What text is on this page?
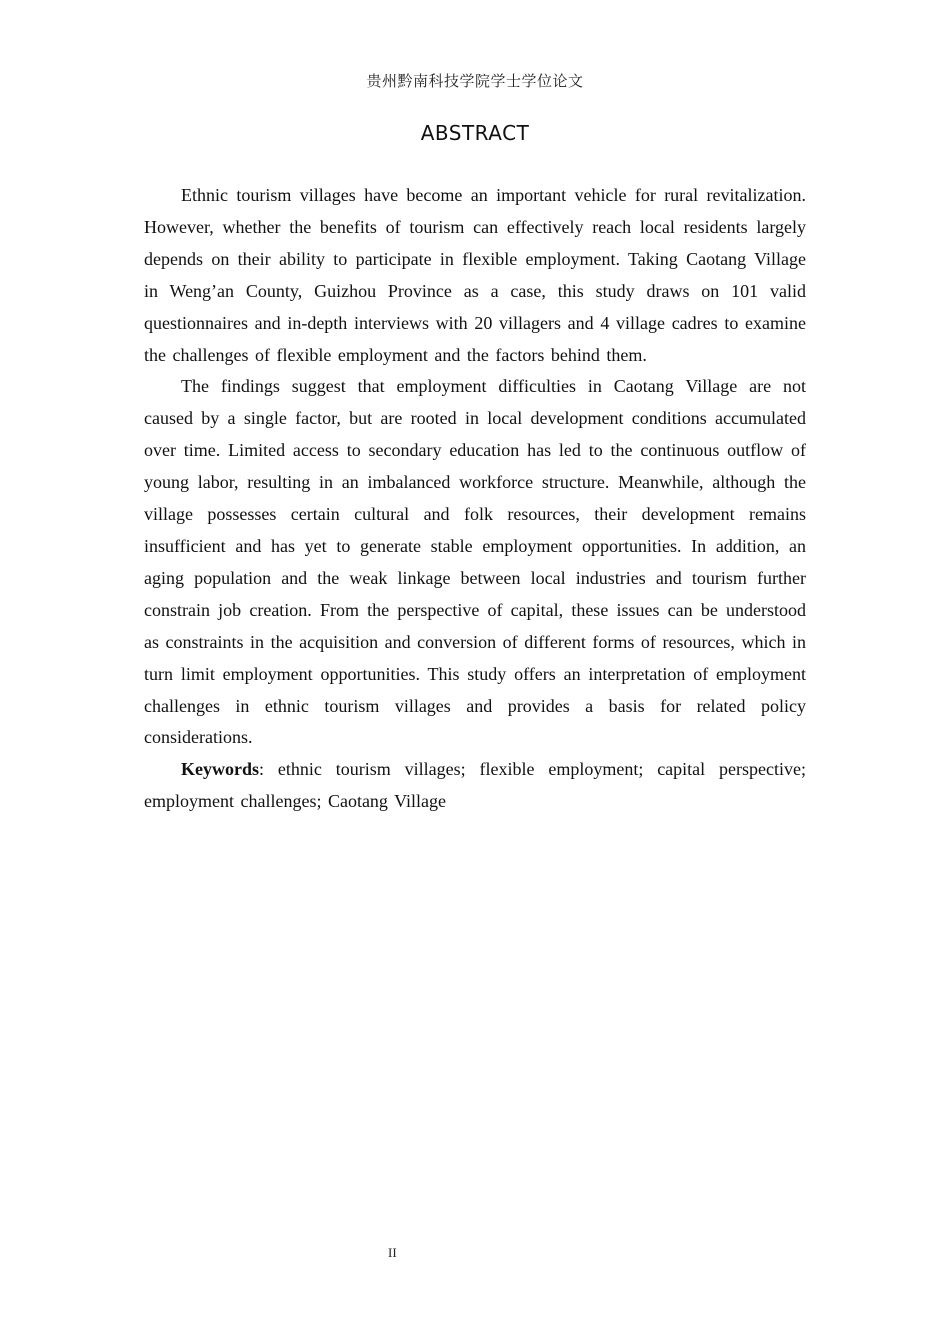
贵州黔南科技学院学士学位论文
ABSTRACT

Ethnic tourism villages have become an important vehicle for rural revitalization. However, whether the benefits of tourism can effectively reach local residents largely depends on their ability to participate in flexible employment. Taking Caotang Village in Weng’an County, Guizhou Province as a case, this study draws on 101 valid questionnaires and in-depth interviews with 20 villagers and 4 village cadres to examine the challenges of flexible employment and the factors behind them.

The findings suggest that employment difficulties in Caotang Village are not caused by a single factor, but are rooted in local development conditions accumulated over time. Limited access to secondary education has led to the continuous outflow of young labor, resulting in an imbalanced workforce structure. Meanwhile, although the village possesses certain cultural and folk resources, their development remains insufficient and has yet to generate stable employment opportunities. In addition, an aging population and the weak linkage between local industries and tourism further constrain job creation. From the perspective of capital, these issues can be understood as constraints in the acquisition and conversion of different forms of resources, which in turn limit employment opportunities. This study offers an interpretation of employment challenges in ethnic tourism villages and provides a basis for related policy considerations.

Keywords: ethnic tourism villages; flexible employment; capital perspective; employment challenges; Caotang Village

II
